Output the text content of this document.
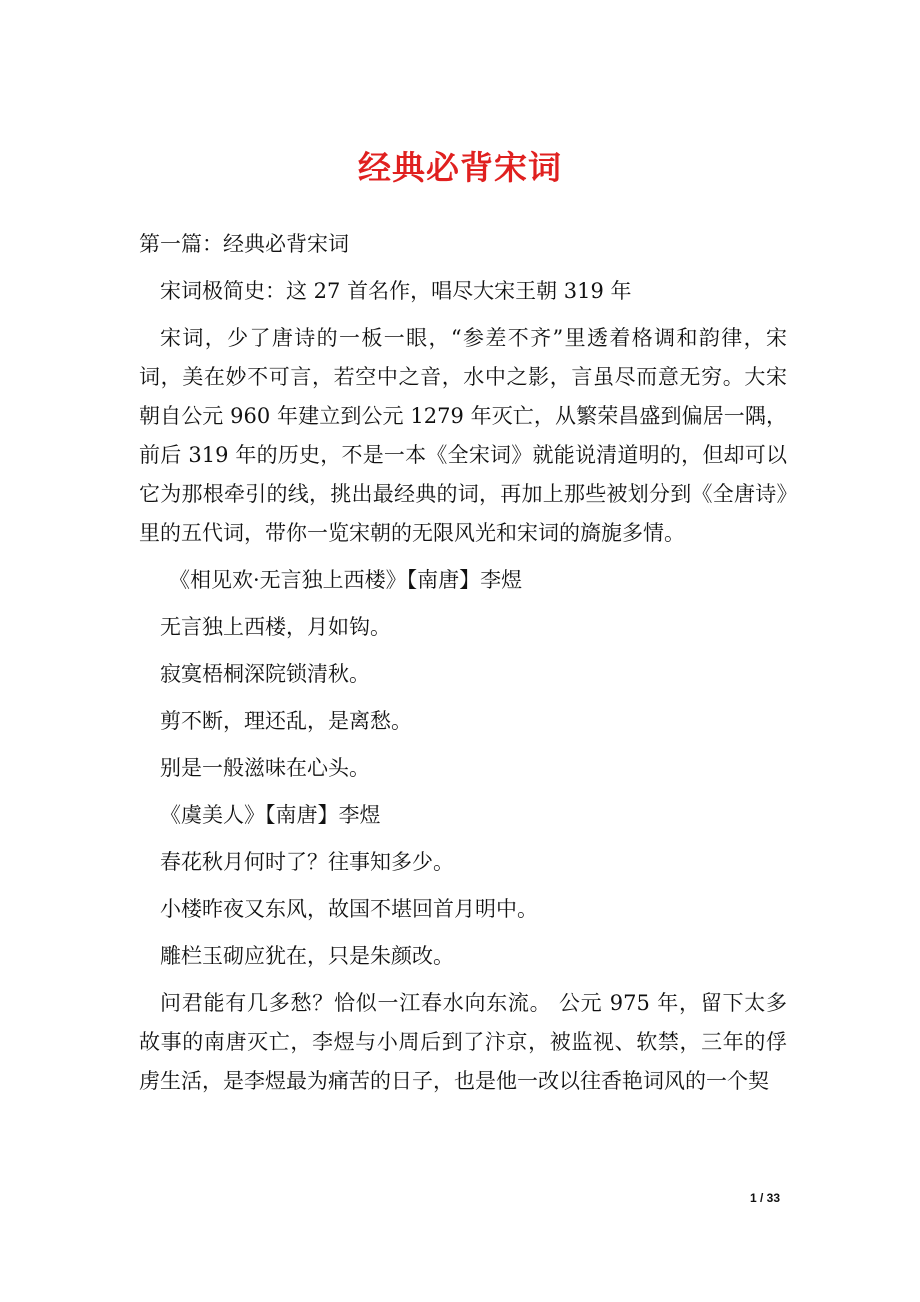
经典必背宋词

第一篇：经典必背宋词

宋词极简史：这 27 首名作，唱尽大宋王朝 319 年

宋词，少了唐诗的一板一眼，“参差不齐”里透着格调和韵律，宋词，美在妙不可言，若空中之音，水中之影，言虽尽而意无穷。大宋朝自公元 960 年建立到公元 1279 年灭亡，从繁荣昌盛到偏居一隅，前后 319 年的历史，不是一本《全宋词》就能说清道明的，但却可以它为那根牵引的线，挑出最经典的词，再加上那些被划分到《全唐诗》里的五代词，带你一览宋朝的无限风光和宋词的旖旎多情。

《相见欢·无言独上西楼》【南唐】李煜

无言独上西楼，月如钩。

寂寞梧桐深院锁清秋。

剪不断，理还乱，是离愁。

别是一般滋味在心头。

《虞美人》【南唐】李煜

春花秋月何时了？往事知多少。

小楼昨夜又东风，故国不堪回首月明中。

雕栏玉砌应犹在，只是朱颜改。

问君能有几多愁？恰似一江春水向东流。 公元 975 年，留下太多故事的南唐灭亡，李煜与小周后到了汴京，被监视、软禁，三年的俘虏生活，是李煜最为痛苦的日子，也是他一改以往香艳词风的一个契

1 / 33
